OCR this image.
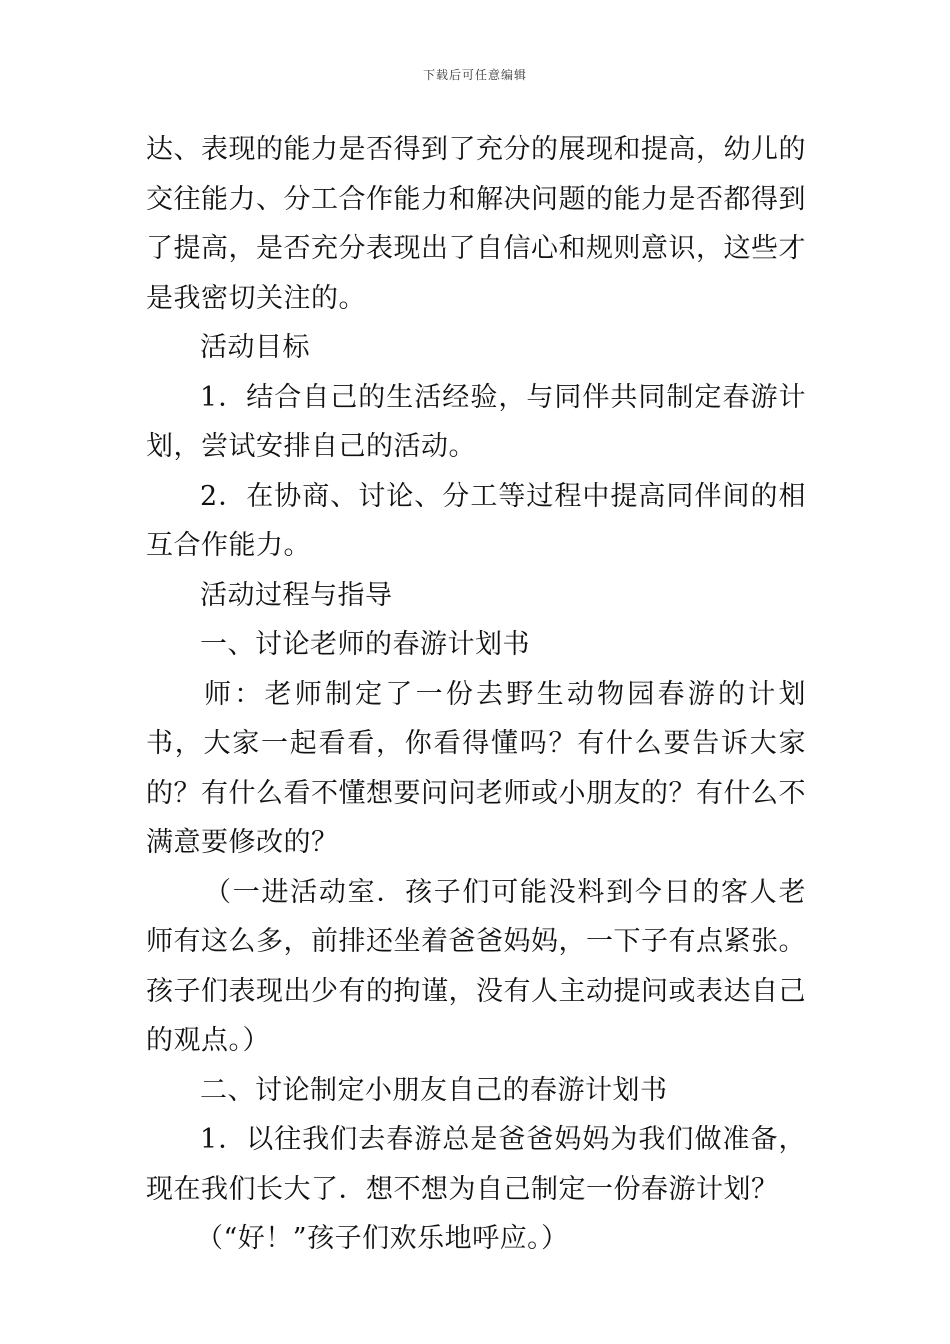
下载后可任意编辑

达、表现的能力是否得到了充分的展现和提高，幼儿的交往能力、分工合作能力和解决问题的能力是否都得到了提高，是否充分表现出了自信心和规则意识，这些才是我密切关注的。

活动目标

1．结合自己的生活经验，与同伴共同制定春游计划，尝试安排自己的活动。

2．在协商、讨论、分工等过程中提高同伴间的相互合作能力。

活动过程与指导

一、讨论老师的春游计划书

师：老师制定了一份去野生动物园春游的计划书，大家一起看看，你看得懂吗？有什么要告诉大家的？有什么看不懂想要问问老师或小朋友的？有什么不满意要修改的？

（一进活动室．孩子们可能没料到今日的客人老师有这么多，前排还坐着爸爸妈妈，一下子有点紧张。孩子们表现出少有的拘谨，没有人主动提问或表达自己的观点。）

二、讨论制定小朋友自己的春游计划书

1．以往我们去春游总是爸爸妈妈为我们做准备，现在我们长大了．想不想为自己制定一份春游计划？

（“好！”孩子们欢乐地呼应。）
